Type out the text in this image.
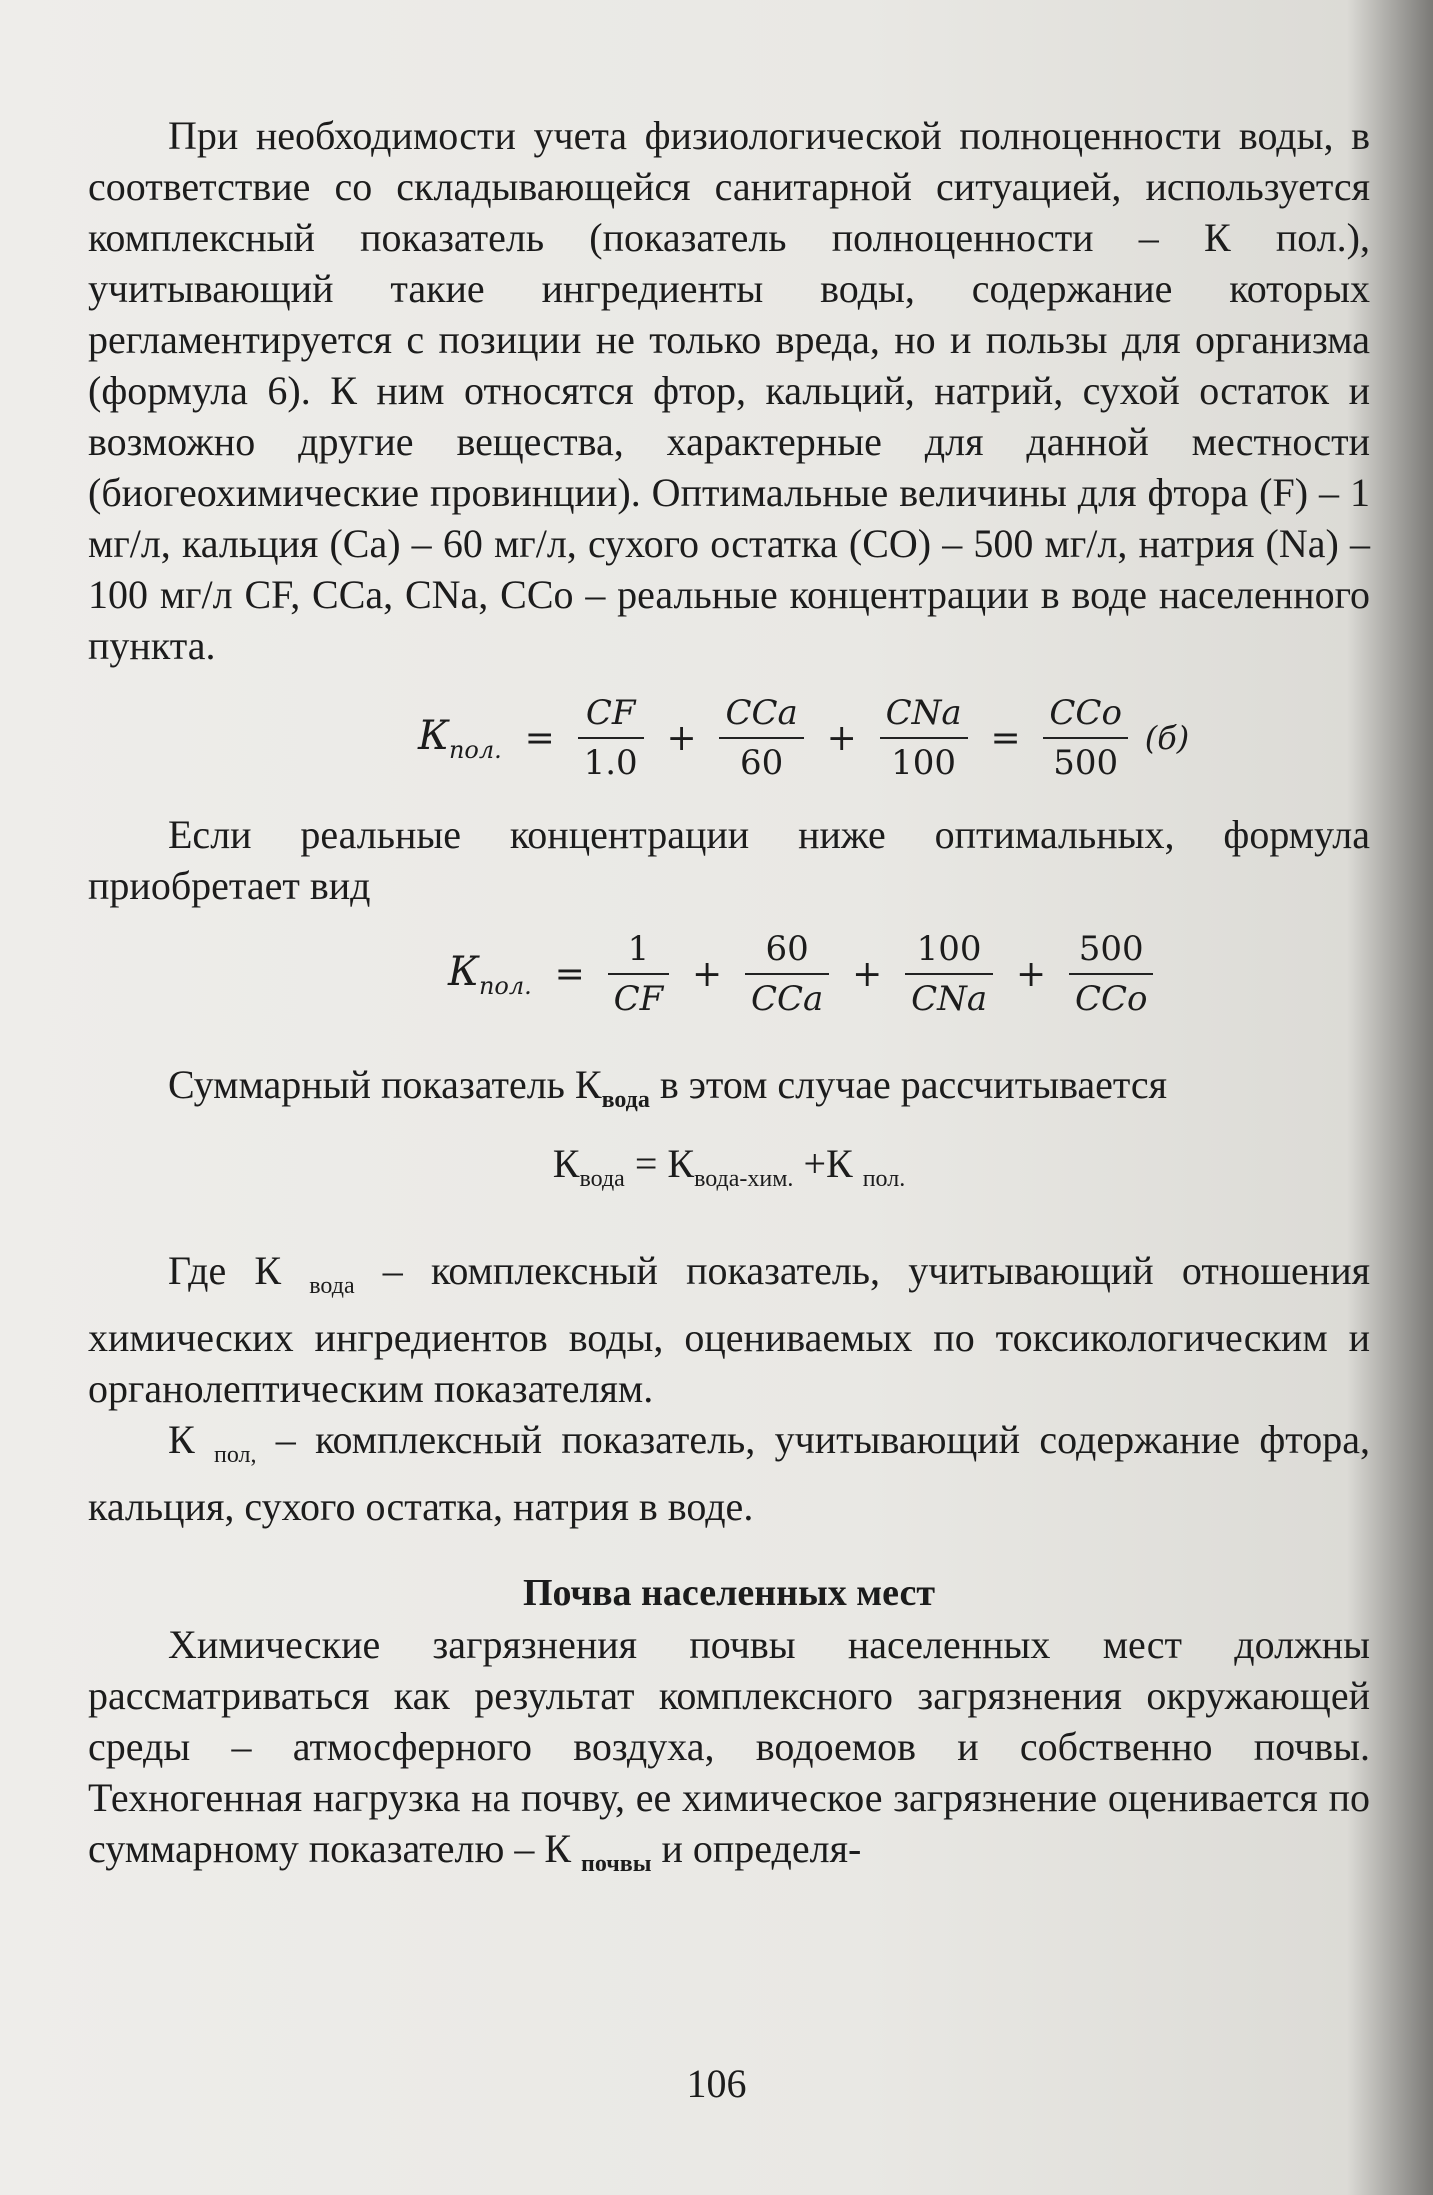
При необходимости учета физиологической полноценности воды, в соответствие со складывающейся санитарной ситуацией, используется комплексный показатель (показатель полноценности – К пол.), учитывающий такие ингредиенты воды, содержание которых регламентируется с позиции не только вреда, но и пользы для организма (формула 6). К ним относятся фтор, кальций, натрий, сухой остаток и возможно другие вещества, характерные для данной местности (биогеохимические провинции). Оптимальные величины для фтора (F) – 1 мг/л, кальция (Ca) – 60 мг/л, сухого остатка (CO) – 500 мг/л, натрия (Na) – 100 мг/л CF, CCa, CNa, CCo – реальные концентрации в воде населенного пункта.

$К_{пол.} = \frac{CF}{1.0} + \frac{\text{CCa}}{60} + \frac{\text{CNa}}{100} = \frac{\text{CCo}}{500} (б)$

Если реальные концентрации ниже оптимальных, формула приобретает вид

$К_{пол.} = \frac{1}{CF} + \frac{60}{\text{CCa}} + \frac{100}{\text{CNa}} + \frac{500}{\text{CCo}}$

Суммарный показатель $К_{вода}$ в этом случае рассчитывается

$К_{вода} = К_{вода-хим.} +К$ $_{пол.}$

Где К $_{вода}$ – комплексный показатель, учитывающий отношения химических ингредиентов воды, оцениваемых по токсикологическим и органолептическим показателям.

К $_{пол,}$ – комплексный показатель, учитывающий содержание фтора, кальция, сухого остатка, натрия в воде.

Почва населенных мест

Химические загрязнения почвы населенных мест должны рассматриваться как результат комплексного загрязнения окружающей среды – атмосферного воздуха, водоемов и собственно почвы. Техногенная нагрузка на почву, ее химическое загрязнение оценивается по суммарному показателю – К $_{почвы}$ и определя-

106
